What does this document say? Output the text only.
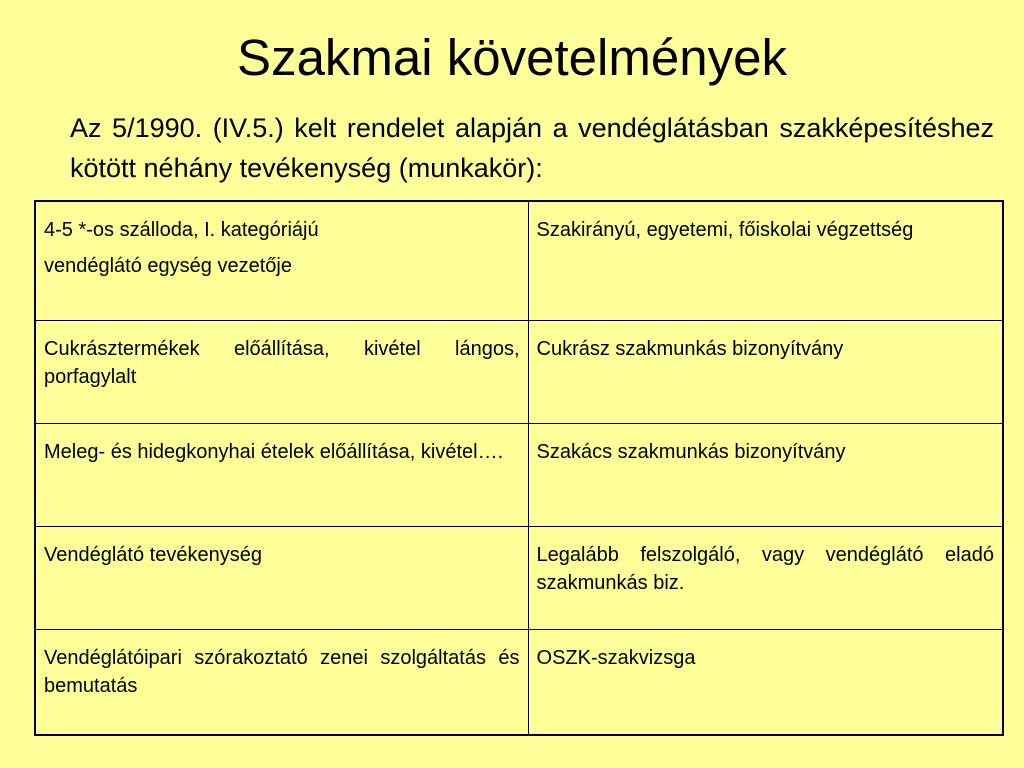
Szakmai követelmények
Az 5/1990. (IV.5.) kelt rendelet alapján a vendéglátásban szakképesítéshez kötött néhány tevékenység (munkakör):
4-5 *-os szálloda, I. kategóriájú
vendéglátó egység vezetője	Szakirányú, egyetemi, főiskolai végzettség
Cukrásztermékek előállítása, kivétel lángos, porfagylalt	Cukrász szakmunkás bizonyítvány
Meleg- és hidegkonyhai ételek előállítása, kivétel….	Szakács szakmunkás bizonyítvány
Vendéglátó tevékenység	Legalább felszolgáló, vagy vendéglátó eladó szakmunkás biz.
Vendéglátóipari szórakoztató zenei szolgáltatás és bemutatás	OSZK-szakvizsga
